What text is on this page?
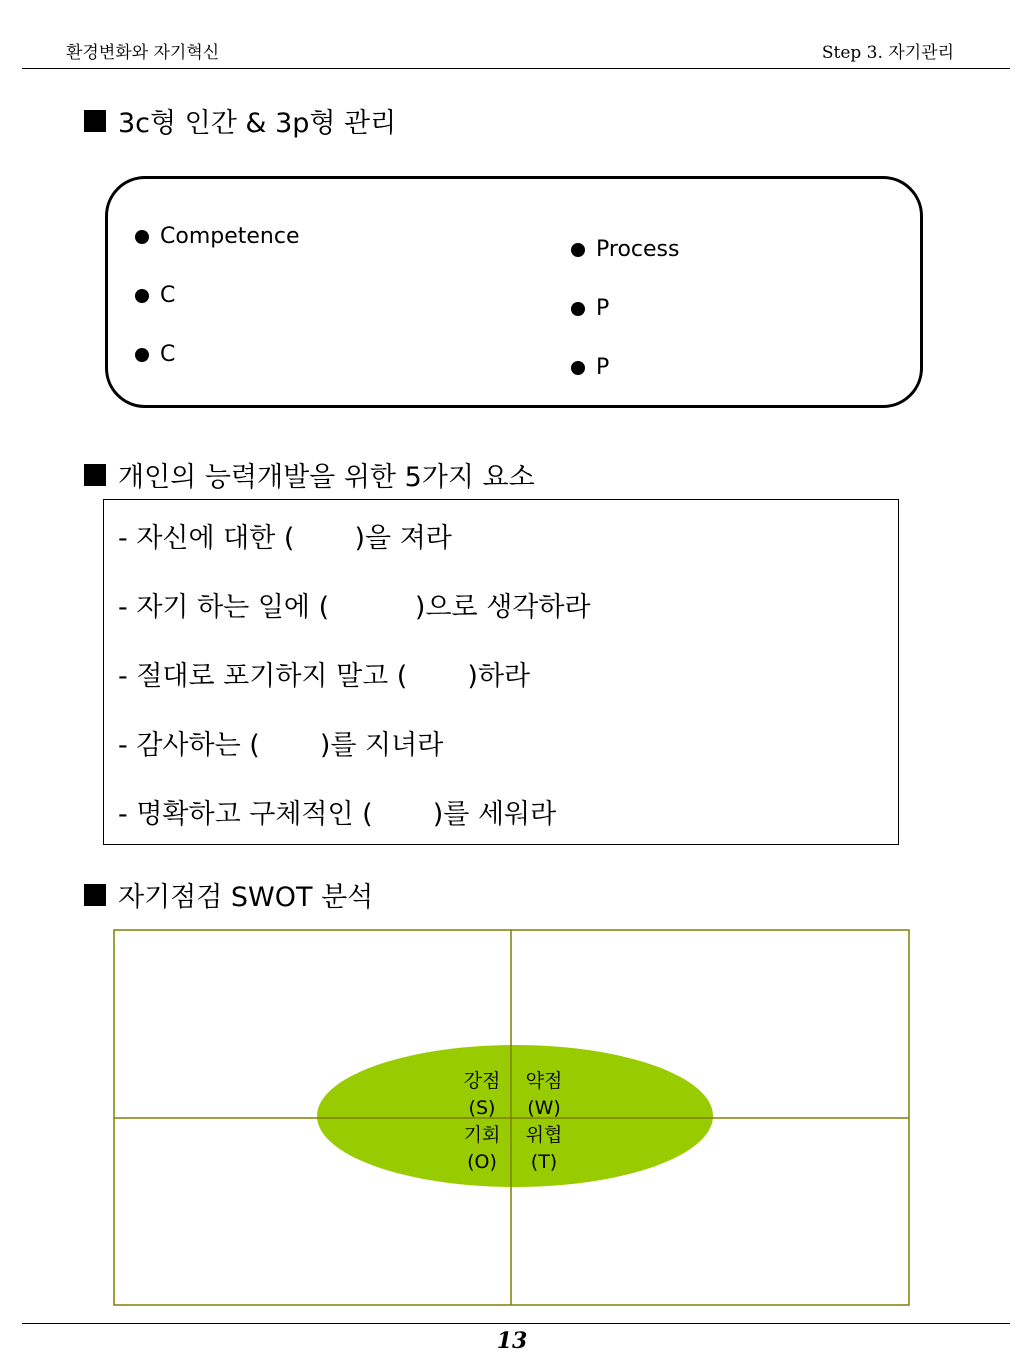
환경변화와 자기혁신	Step 3. 자기관리
3c형 인간 & 3p형 관리
Competence
C
C
Process
P
P
개인의 능력개발을 위한 5가지 요소
- 자신에 대한 (       )을 져라
- 자기 하는 일에 (          )으로 생각하라
- 절대로 포기하지 말고 (       )하라
- 감사하는 (       )를 지녀라
- 명확하고 구체적인 (       )를 세워라
자기점검 SWOT 분석
강점
(S)
약점
(W)
기회
(O)
위협
(T)
13
